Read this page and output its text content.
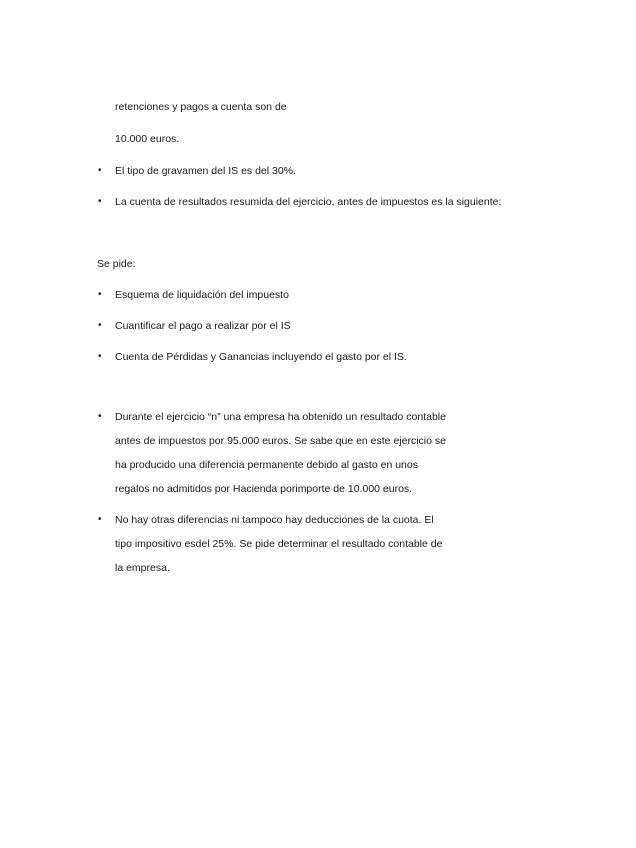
retenciones y pagos a cuenta son de
10.000 euros.
• El tipo de gravamen del IS es del 30%.
• La cuenta de resultados resumida del ejercicio, antes de impuestos es la siguiente:
Se pide:
• Esquema de liquidación del impuesto
• Cuantificar el pago a realizar por el IS
• Cuenta de Pérdidas y Ganancias incluyendo el gasto por el IS.
• Durante el ejercicio “n” una empresa ha obtenido un resultado contable
antes de impuestos por 95.000 euros. Se sabe que en este ejercicio se
ha producido una diferencia permanente debido al gasto en unos
regalos no admitidos por Hacienda porimporte de 10.000 euros.
• No hay otras diferencias ni tampoco hay deducciones de la cuota. El
tipo impositivo esdel 25%. Se pide determinar el resultado contable de
la empresa.
